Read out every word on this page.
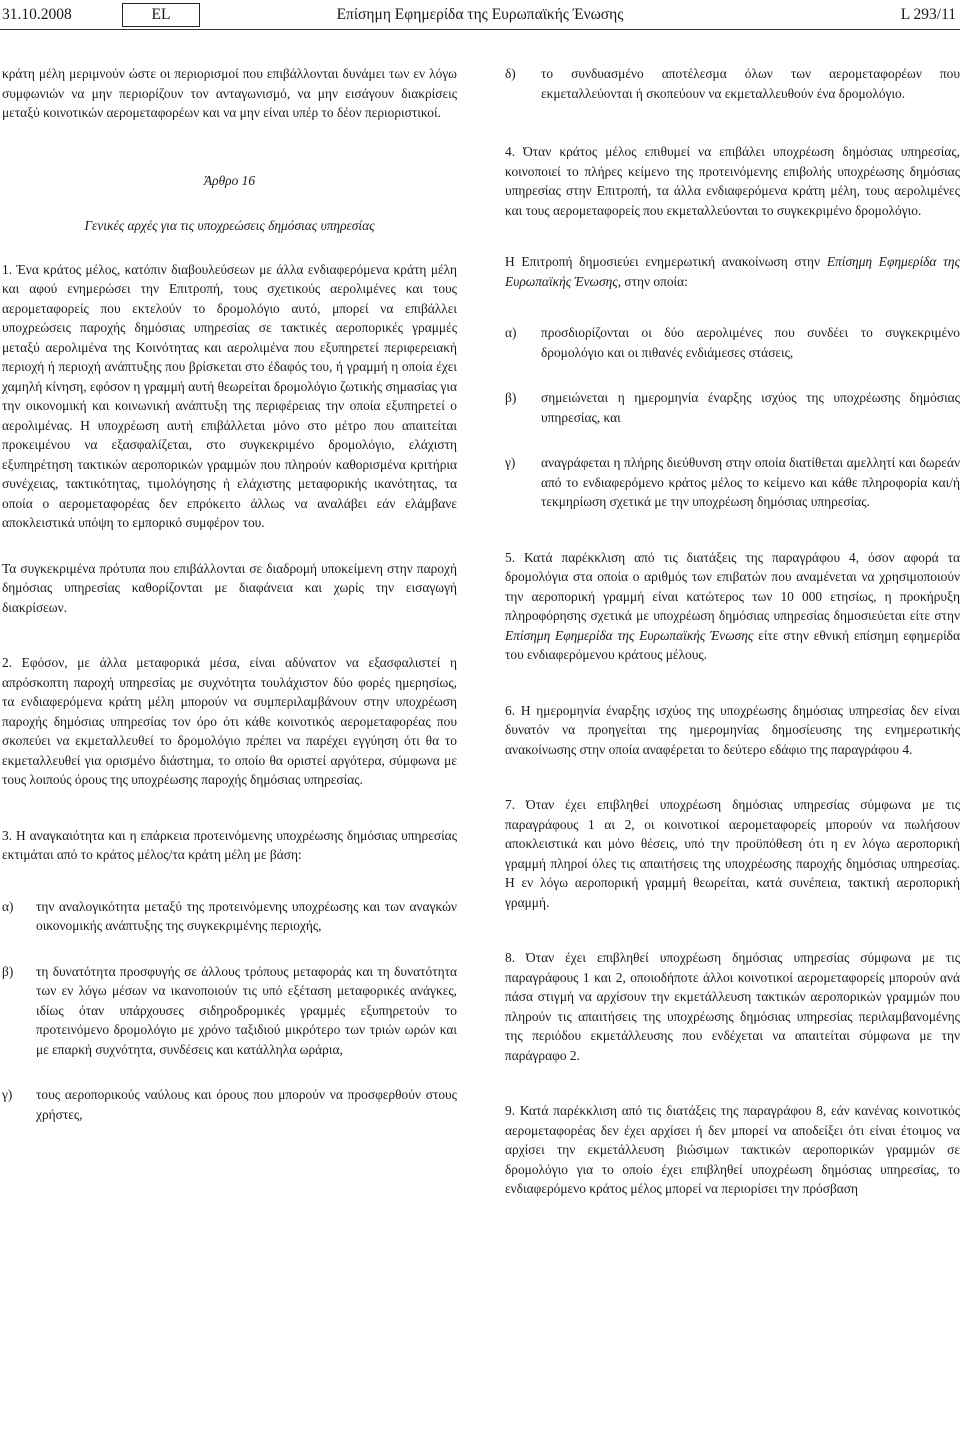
31.10.2008	EL	Επίσημη Εφημερίδα της Ευρωπαϊκής Ένωσης	L 293/11

κράτη μέλη μεριμνούν ώστε οι περιορισμοί που επιβάλλονται δυνάμει των εν λόγω συμφωνιών να μην περιορίζουν τον ανταγωνισμό, να μην εισάγουν διακρίσεις μεταξύ κοινοτικών αερομεταφορέων και να μην είναι υπέρ το δέον περιοριστικοί.

Άρθρο 16

Γενικές αρχές για τις υποχρεώσεις δημόσιας υπηρεσίας

1. Ένα κράτος μέλος, κατόπιν διαβουλεύσεων με άλλα ενδιαφερόμενα κράτη μέλη και αφού ενημερώσει την Επιτροπή, τους σχετικούς αερολιμένες και τους αερομεταφορείς που εκτελούν το δρομολόγιο αυτό, μπορεί να επιβάλλει υποχρεώσεις παροχής δημόσιας υπηρεσίας σε τακτικές αεροπορικές γραμμές μεταξύ αερολιμένα της Κοινότητας και αερολιμένα που εξυπηρετεί περιφερειακή περιοχή ή περιοχή ανάπτυξης που βρίσκεται στο έδαφός του, ή γραμμή η οποία έχει χαμηλή κίνηση, εφόσον η γραμμή αυτή θεωρείται δρομολόγιο ζωτικής σημασίας για την οικονομική και κοινωνική ανάπτυξη της περιφέρειας την οποία εξυπηρετεί ο αερολιμένας. Η υποχρέωση αυτή επιβάλλεται μόνο στο μέτρο που απαιτείται προκειμένου να εξασφαλίζεται, στο συγκεκριμένο δρομολόγιο, ελάχιστη εξυπηρέτηση τακτικών αεροπορικών γραμμών που πληρούν καθορισμένα κριτήρια συνέχειας, τακτικότητας, τιμολόγησης ή ελάχιστης μεταφορικής ικανότητας, τα οποία ο αερομεταφορέας δεν επρόκειτο άλλως να αναλάβει εάν ελάμβανε αποκλειστικά υπόψη το εμπορικό συμφέρον του.

Τα συγκεκριμένα πρότυπα που επιβάλλονται σε διαδρομή υποκείμενη στην παροχή δημόσιας υπηρεσίας καθορίζονται με διαφάνεια και χωρίς την εισαγωγή διακρίσεων.

2. Εφόσον, με άλλα μεταφορικά μέσα, είναι αδύνατον να εξασφαλιστεί η απρόσκοπτη παροχή υπηρεσίας με συχνότητα τουλάχιστον δύο φορές ημερησίως, τα ενδιαφερόμενα κράτη μέλη μπορούν να συμπεριλαμβάνουν στην υποχρέωση παροχής δημόσιας υπηρεσίας τον όρο ότι κάθε κοινοτικός αερομεταφορέας που σκοπεύει να εκμεταλλευθεί το δρομολόγιο πρέπει να παρέχει εγγύηση ότι θα το εκμεταλλευθεί για ορισμένο διάστημα, το οποίο θα οριστεί αργότερα, σύμφωνα με τους λοιπούς όρους της υποχρέωσης παροχής δημόσιας υπηρεσίας.

3. Η αναγκαιότητα και η επάρκεια προτεινόμενης υποχρέωσης δημόσιας υπηρεσίας εκτιμάται από το κράτος μέλος/τα κράτη μέλη με βάση:

α) την αναλογικότητα μεταξύ της προτεινόμενης υποχρέωσης και των αναγκών οικονομικής ανάπτυξης της συγκεκριμένης περιοχής,

β) τη δυνατότητα προσφυγής σε άλλους τρόπους μεταφοράς και τη δυνατότητα των εν λόγω μέσων να ικανοποιούν τις υπό εξέταση μεταφορικές ανάγκες, ιδίως όταν υπάρχουσες σιδηροδρομικές γραμμές εξυπηρετούν το προτεινόμενο δρομολόγιο με χρόνο ταξιδιού μικρότερο των τριών ωρών και με επαρκή συχνότητα, συνδέσεις και κατάλληλα ωράρια,

γ) τους αεροπορικούς ναύλους και όρους που μπορούν να προσφερθούν στους χρήστες,

δ) το συνδυασμένο αποτέλεσμα όλων των αερομεταφορέων που εκμεταλλεύονται ή σκοπεύουν να εκμεταλλευθούν ένα δρομολόγιο.

4. Όταν κράτος μέλος επιθυμεί να επιβάλει υποχρέωση δημόσιας υπηρεσίας, κοινοποιεί το πλήρες κείμενο της προτεινόμενης επιβολής υποχρέωσης δημόσιας υπηρεσίας στην Επιτροπή, τα άλλα ενδιαφερόμενα κράτη μέλη, τους αερολιμένες και τους αερομεταφορείς που εκμεταλλεύονται το συγκεκριμένο δρομολόγιο.

Η Επιτροπή δημοσιεύει ενημερωτική ανακοίνωση στην Επίσημη Εφημερίδα της Ευρωπαϊκής Ένωσης, στην οποία:

α) προσδιορίζονται οι δύο αερολιμένες που συνδέει το συγκεκριμένο δρομολόγιο και οι πιθανές ενδιάμεσες στάσεις,

β) σημειώνεται η ημερομηνία έναρξης ισχύος της υποχρέωσης δημόσιας υπηρεσίας, και

γ) αναγράφεται η πλήρης διεύθυνση στην οποία διατίθεται αμελλητί και δωρεάν από το ενδιαφερόμενο κράτος μέλος το κείμενο και κάθε πληροφορία και/ή τεκμηρίωση σχετικά με την υποχρέωση δημόσιας υπηρεσίας.

5. Κατά παρέκκλιση από τις διατάξεις της παραγράφου 4, όσον αφορά τα δρομολόγια στα οποία ο αριθμός των επιβατών που αναμένεται να χρησιμοποιούν την αεροπορική γραμμή είναι κατώτερος των 10 000 ετησίως, η προκήρυξη πληροφόρησης σχετικά με υποχρέωση δημόσιας υπηρεσίας δημοσιεύεται είτε στην Επίσημη Εφημερίδα της Ευρωπαϊκής Ένωσης είτε στην εθνική επίσημη εφημερίδα του ενδιαφερόμενου κράτους μέλους.

6. Η ημερομηνία έναρξης ισχύος της υποχρέωσης δημόσιας υπηρεσίας δεν είναι δυνατόν να προηγείται της ημερομηνίας δημοσίευσης της ενημερωτικής ανακοίνωσης στην οποία αναφέρεται το δεύτερο εδάφιο της παραγράφου 4.

7. Όταν έχει επιβληθεί υποχρέωση δημόσιας υπηρεσίας σύμφωνα με τις παραγράφους 1 αι 2, οι κοινοτικοί αερομεταφορείς μπορούν να πωλήσουν αποκλειστικά και μόνο θέσεις, υπό την προϋπόθεση ότι η εν λόγω αεροπορική γραμμή πληροί όλες τις απαιτήσεις της υποχρέωσης παροχής δημόσιας υπηρεσίας. Η εν λόγω αεροπορική γραμμή θεωρείται, κατά συνέπεια, τακτική αεροπορική γραμμή.

8. Όταν έχει επιβληθεί υποχρέωση δημόσιας υπηρεσίας σύμφωνα με τις παραγράφους 1 και 2, οποιοδήποτε άλλοι κοινοτικοί αερομεταφορείς μπορούν ανά πάσα στιγμή να αρχίσουν την εκμετάλλευση τακτικών αεροπορικών γραμμών που πληρούν τις απαιτήσεις της υποχρέωσης δημόσιας υπηρεσίας περιλαμβανομένης της περιόδου εκμετάλλευσης που ενδέχεται να απαιτείται σύμφωνα με την παράγραφο 2.

9. Κατά παρέκκλιση από τις διατάξεις της παραγράφου 8, εάν κανένας κοινοτικός αερομεταφορέας δεν έχει αρχίσει ή δεν μπορεί να αποδείξει ότι είναι έτοιμος να αρχίσει την εκμετάλλευση βιώσιμων τακτικών αεροπορικών γραμμών σε δρομολόγιο για το οποίο έχει επιβληθεί υποχρέωση δημόσιας υπηρεσίας, το ενδιαφερόμενο κράτος μέλος μπορεί να περιορίσει την πρόσβαση
